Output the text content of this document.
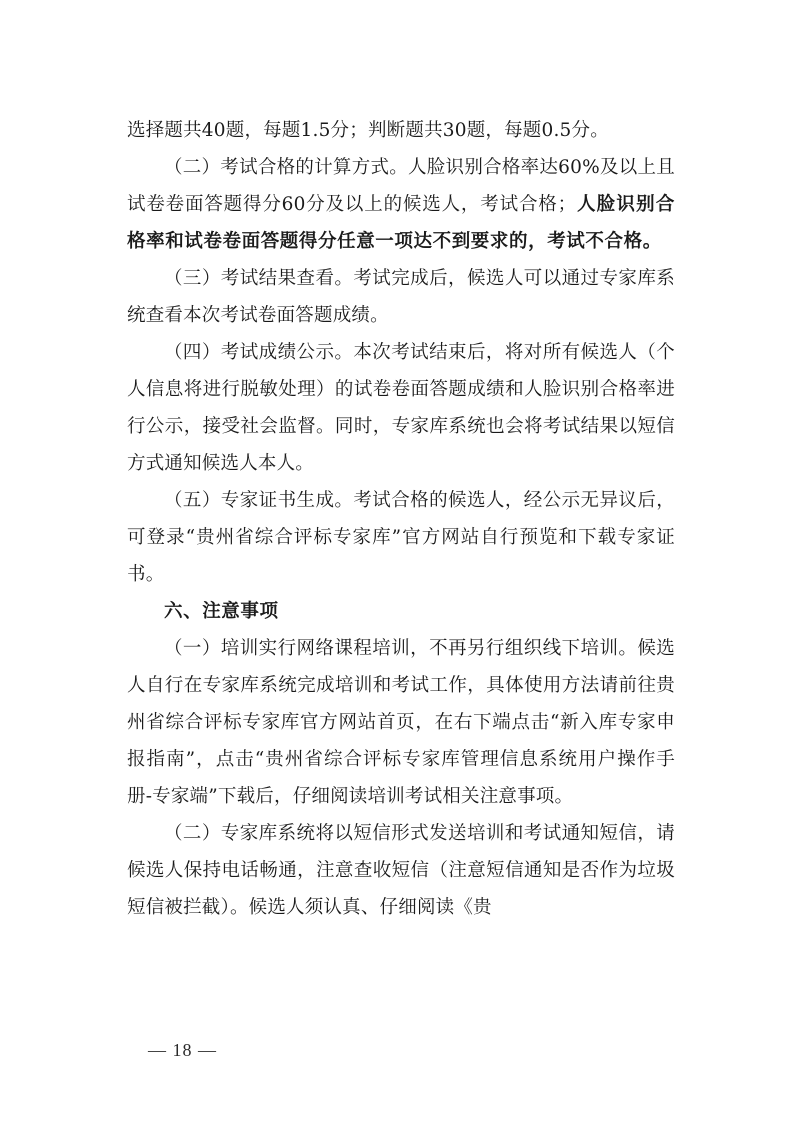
选择题共40题，每题1.5分；判断题共30题，每题0.5分。

（二）考试合格的计算方式。人脸识别合格率达60%及以上且试卷卷面答题得分60分及以上的候选人，考试合格；人脸识别合格率和试卷卷面答题得分任意一项达不到要求的，考试不合格。

（三）考试结果查看。考试完成后，候选人可以通过专家库系统查看本次考试卷面答题成绩。

（四）考试成绩公示。本次考试结束后，将对所有候选人（个人信息将进行脱敏处理）的试卷卷面答题成绩和人脸识别合格率进行公示，接受社会监督。同时，专家库系统也会将考试结果以短信方式通知候选人本人。

（五）专家证书生成。考试合格的候选人，经公示无异议后，可登录“贵州省综合评标专家库”官方网站自行预览和下载专家证书。

六、注意事项

（一）培训实行网络课程培训，不再另行组织线下培训。候选人自行在专家库系统完成培训和考试工作，具体使用方法请前往贵州省综合评标专家库官方网站首页，在右下端点击“新入库专家申报指南”，点击“贵州省综合评标专家库管理信息系统用户操作手册-专家端”下载后，仔细阅读培训考试相关注意事项。

（二）专家库系统将以短信形式发送培训和考试通知短信，请候选人保持电话畅通，注意查收短信（注意短信通知是否作为垃圾短信被拦截）。候选人须认真、仔细阅读《贵

— 18 —
